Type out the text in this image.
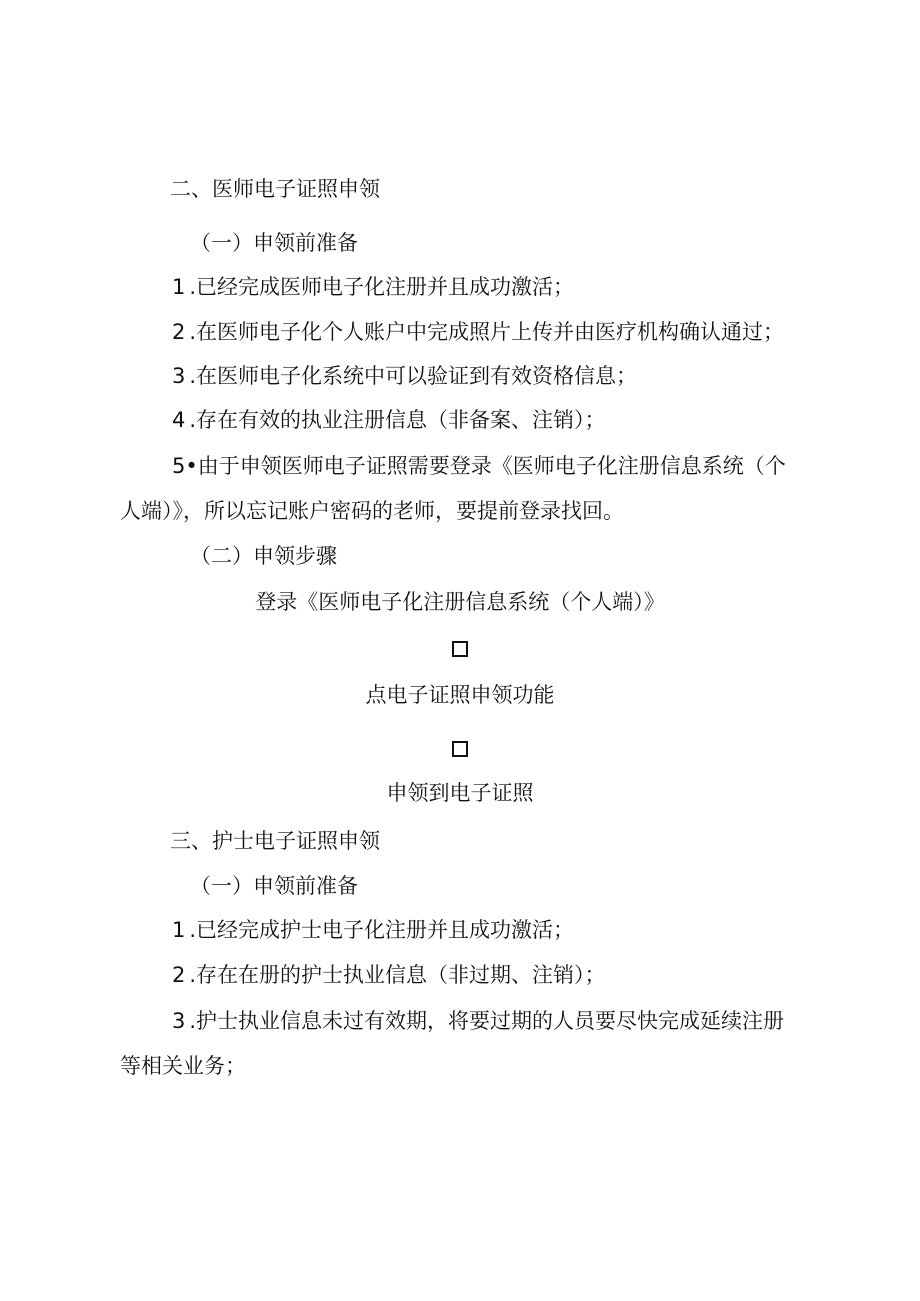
二、医师电子证照申领
（一）申领前准备
1 .已经完成医师电子化注册并且成功激活；
2 .在医师电子化个人账户中完成照片上传并由医疗机构确认通过；
3 .在医师电子化系统中可以验证到有效资格信息；
4 .存在有效的执业注册信息（非备案、注销）；
5•由于申领医师电子证照需要登录《医师电子化注册信息系统（个
人端）》，所以忘记账户密码的老师，要提前登录找回。
（二）申领步骤
登录《医师电子化注册信息系统（个人端）》
点电子证照申领功能
申领到电子证照
三、护士电子证照申领
（一）申领前准备
1 .已经完成护士电子化注册并且成功激活；
2 .存在在册的护士执业信息（非过期、注销）；
3 .护士执业信息未过有效期，将要过期的人员要尽快完成延续注册
等相关业务；
